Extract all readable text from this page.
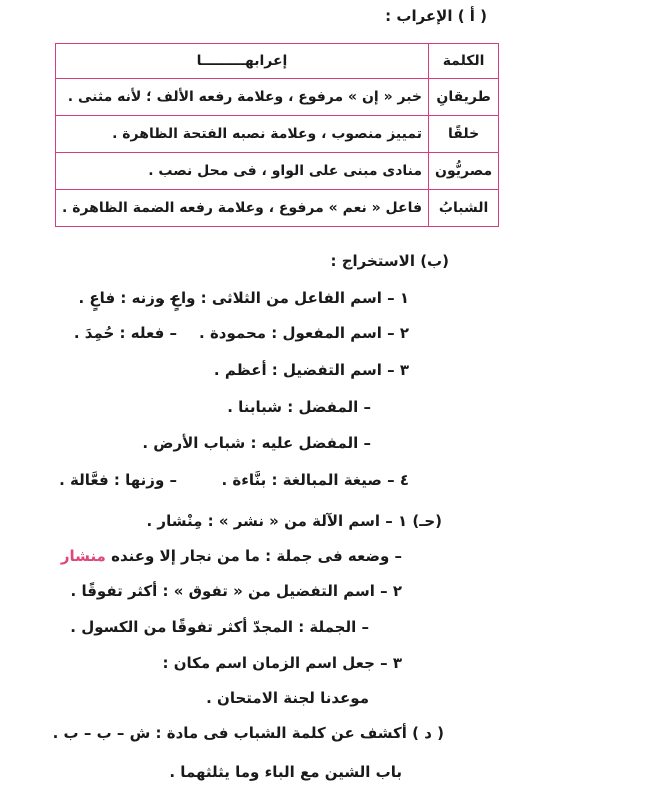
( أ ) الإعراب :
الكلمة	إعرابهـــــــــا
طريقانِ	خبر « إن » مرفوع ، وعلامة رفعه الألف ؛ لأنه مثنى .
خلقًا	تمييز منصوب ، وعلامة نصبه الفتحة الظاهرة .
مصريُّون	منادى مبنى على الواو ، فى محل نصب .
الشبابُ	فاعل « نعم » مرفوع ، وعلامة رفعه الضمة الظاهرة .
(ب) الاستخراج :
١ – اسم الفاعل من الثلاثى : واعٍ .
– وزنه : فاعٍ .
٢ – اسم المفعول : محمودة .
– فعله : حُمِدَ .
٣ – اسم التفضيل : أعظم .
– المفضل : شبابنا .
– المفضل عليه : شباب الأرض .
٤ – صيغة المبالغة : بنَّاءة .
– وزنها : فعَّالة .
(حـ) ١ – اسم الآلة من « نشر » : مِنْشار .
– وضعه فى جملة : ما من نجار إلا وعنده منشار
٢ – اسم التفضيل من « تفوق » : أكثر تفوقًا .
– الجملة : المجدّ أكثر تفوقًا من الكسول .
٣ – جعل اسم الزمان اسم مكان :
موعدنا لجنة الامتحان .
( د ) أكشف عن كلمة الشباب فى مادة : ش – ب – ب .
باب الشين مع الباء وما يثلثهما .
